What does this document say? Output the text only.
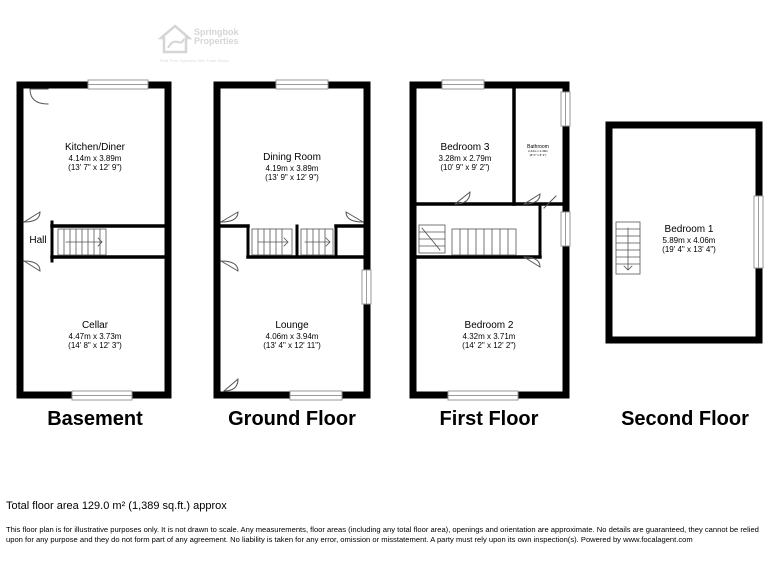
Springbok
Properties
Real Time Specialist Slim Trade Status
Kitchen/Diner
4.14m x 3.89m
(13' 7" x 12' 9")
Hall
Cellar
4.47m x 3.73m
(14' 8" x 12' 3")
Dining Room
4.19m x 3.89m
(13' 9" x 12' 9")
Lounge
4.06m x 3.94m
(13' 4" x 12' 11")
Bedroom 3
3.28m x 2.79m
(10' 9" x 9' 2")
Bathroom
2.44m x 2.49m
(8' 0" x 8' 2")
Bedroom 2
4.32m x 3.71m
(14' 2" x 12' 2")
Bedroom 1
5.89m x 4.06m
(19' 4" x 13' 4")
Basement	Ground Floor	First Floor	Second Floor
Total floor area 129.0 m² (1,389 sq.ft.) approx
This floor plan is for illustrative purposes only. It is not drawn to scale. Any measurements, floor areas (including any total floor area), openings and orientation are approximate. No details are guaranteed, they cannot be relied upon for any purpose and they do not form part of any agreement. No liability is taken for any error, omission or misstatement. A party must rely upon its own inspection(s). Powered by www.focalagent.com
